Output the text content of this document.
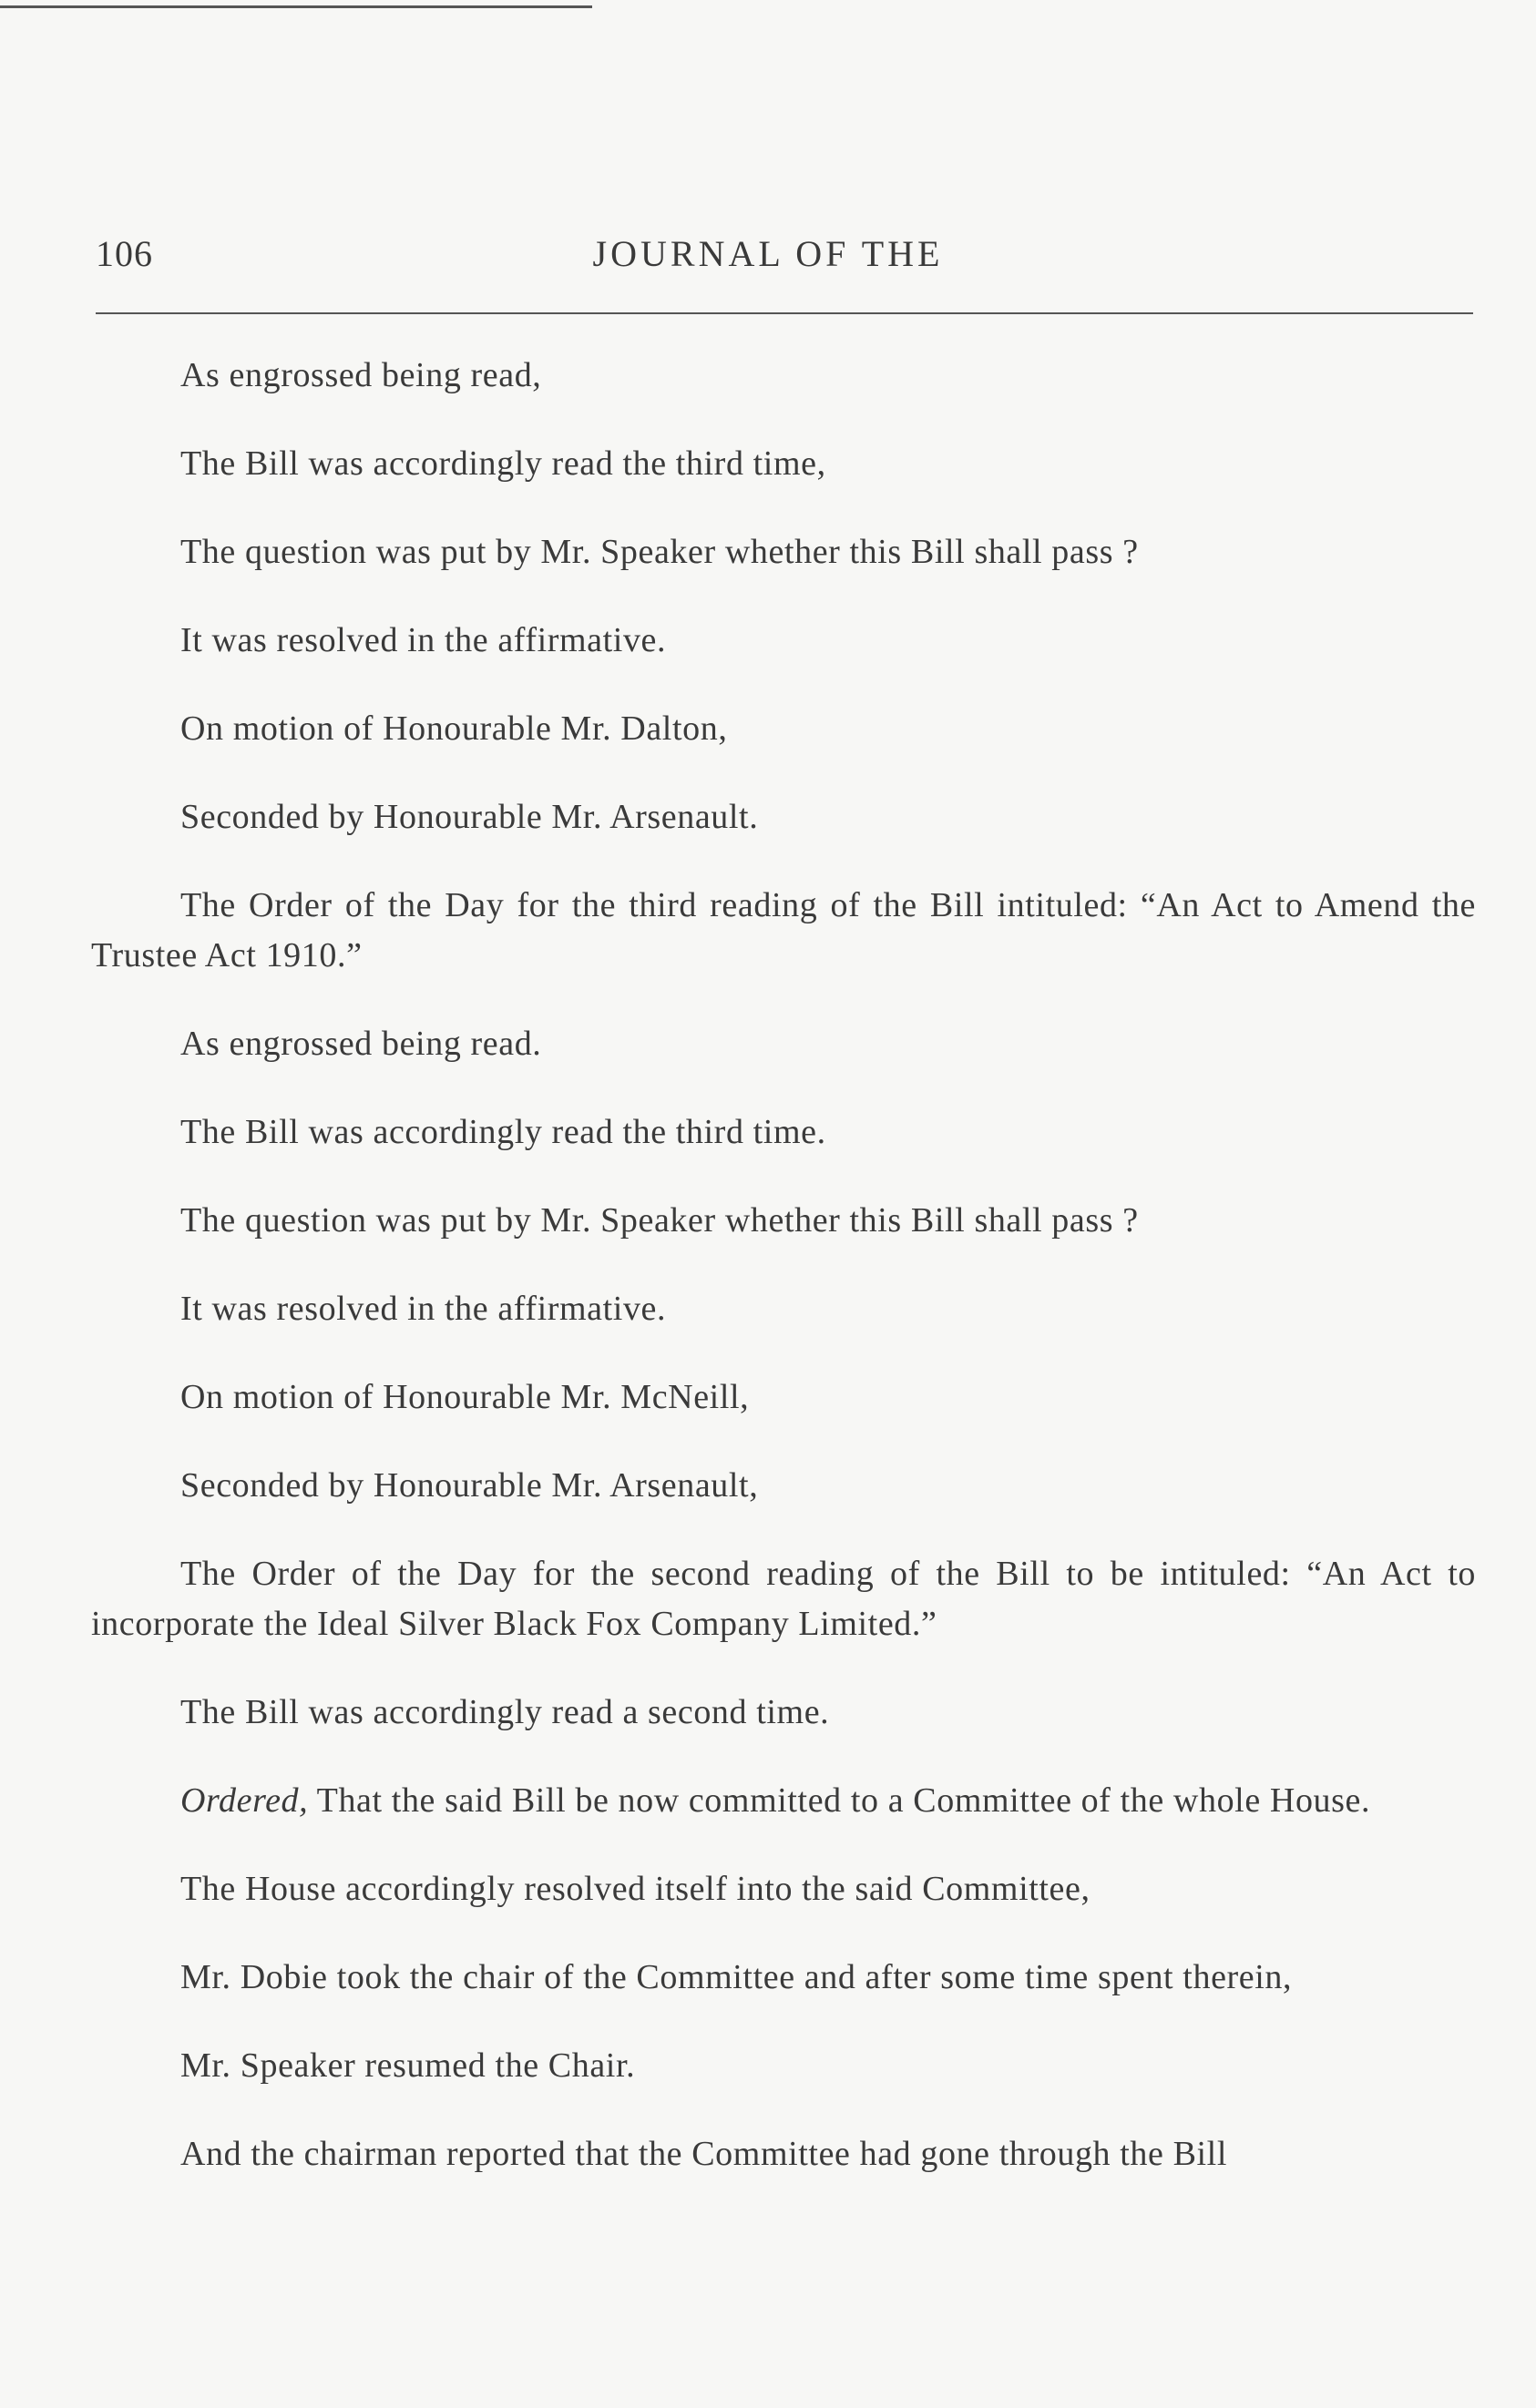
106	JOURNAL OF THE

As engrossed being read,

The Bill was accordingly read the third time,

The question was put by Mr. Speaker whether this Bill shall pass ?

It was resolved in the affirmative.

On motion of Honourable Mr. Dalton,

Seconded by Honourable Mr. Arsenault.

The Order of the Day for the third reading of the Bill intituled: “An Act to Amend the Trustee Act 1910.”

As engrossed being read.

The Bill was accordingly read the third time.

The question was put by Mr. Speaker whether this Bill shall pass ?

It was resolved in the affirmative.

On motion of Honourable Mr. McNeill,

Seconded by Honourable Mr. Arsenault,

The Order of the Day for the second reading of the Bill to be intituled: “An Act to incorporate the Ideal Silver Black Fox Company Limited.”

The Bill was accordingly read a second time.

Ordered, That the said Bill be now committed to a Committee of the whole House.

The House accordingly resolved itself into the said Committee,

Mr. Dobie took the chair of the Committee and after some time spent therein,

Mr. Speaker resumed the Chair.

And the chairman reported that the Committee had gone through the Bill
